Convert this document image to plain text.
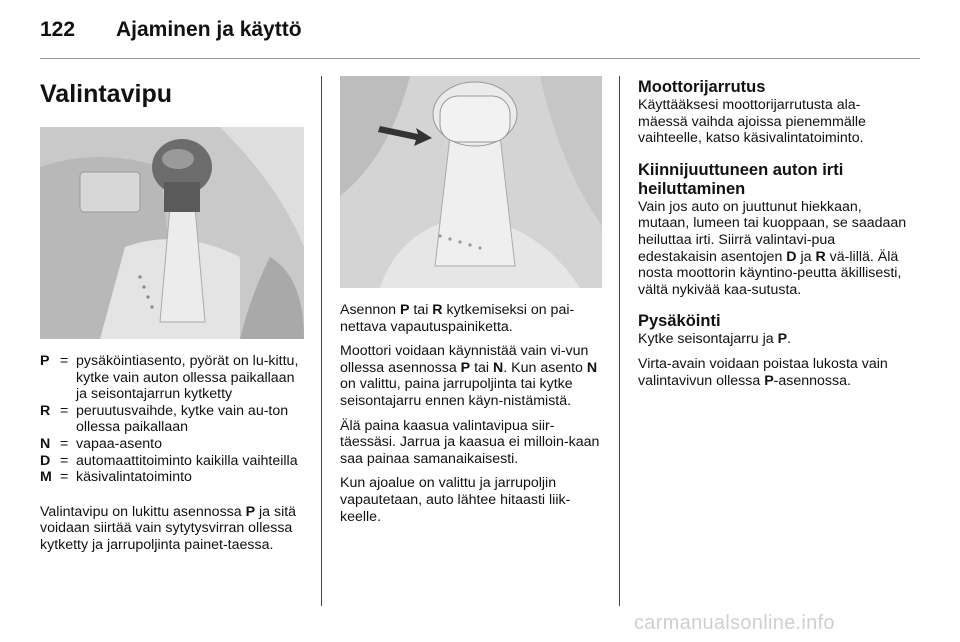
122	Ajaminen ja käyttö
Valintavipu
P = pysäköintiasento, pyörät on lu-kittu, kytke vain auton ollessa paikallaan ja seisontajarrun kytketty
R = peruutusvaihde, kytke vain au-ton ollessa paikallaan
N = vapaa-asento
D = automaattitoiminto kaikilla vaihteilla
M = käsivalintatoiminto

Valintavipu on lukittu asennossa P ja sitä voidaan siirtää vain sytytysvirran ollessa kytketty ja jarrupoljinta painet-taessa.

Asennon P tai R kytkemiseksi on pai-nettava vapautuspainiketta.

Moottori voidaan käynnistää vain vi-vun ollessa asennossa P tai N. Kun asento N on valittu, paina jarrupoljinta tai kytke seisontajarru ennen käyn-nistämistä.

Älä paina kaasua valintavipua siir-täessäsi. Jarrua ja kaasua ei milloin-kaan saa painaa samanaikaisesti.

Kun ajoalue on valittu ja jarrupoljin vapautetaan, auto lähtee hitaasti liik-keelle.

Moottorijarrutus

Käyttääksesi moottorijarrutusta ala-mäessä vaihda ajoissa pienemmälle vaihteelle, katso käsivalintatoiminto.

Kiinnijuuttuneen auton irti heiluttaminen

Vain jos auto on juuttunut hiekkaan, mutaan, lumeen tai kuoppaan, se saadaan heiluttaa irti. Siirrä valintavi-pua edestakaisin asentojen D ja R vä-lillä. Älä nosta moottorin käyntino-peutta äkillisesti, vältä nykivää kaa-sutusta.

Pysäköinti

Kytke seisontajarru ja P.

Virta-avain voidaan poistaa lukosta vain valintavivun ollessa P-asennossa.

carmanualsonline.info
